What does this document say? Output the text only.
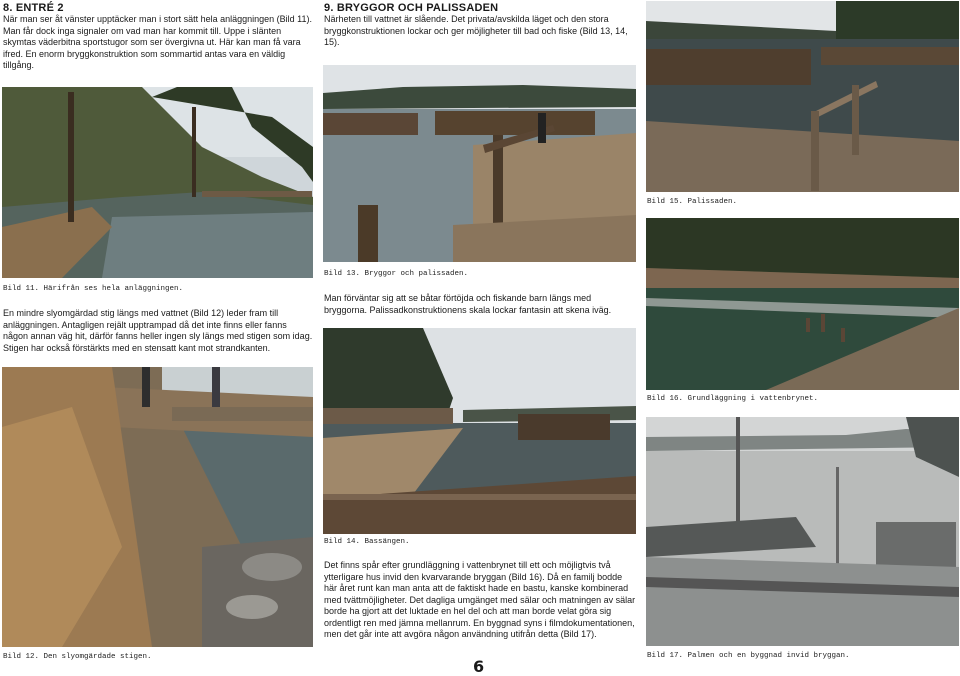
8. ENTRÉ 2

När man ser åt vänster upptäcker man i stort sätt hela anläggningen (Bild 11). Man får dock inga signaler om vad man har kommit till. Uppe i slänten skymtas väderbitna sportstugor som ser övergivna ut. Här kan man få vara ifred. En enorm bryggkonstruktion som sommartid antas vara en väldig tillgång.

Bild 11. Härifrån ses hela anläggningen.

En mindre slyomgärdad stig längs med vattnet (Bild 12) leder fram till anläggningen. Antagligen rejält upptrampad då det inte finns eller fanns någon annan väg hit, därför fanns heller ingen sly längs med stigen som idag. Stigen har också förstärkts med en stensatt kant mot strandkanten.

Bild 12. Den slyomgärdade stigen.
9. BRYGGOR OCH PALISSADEN

Närheten till vattnet är slående. Det privata/avskilda läget och den stora bryggkonstruktionen lockar och ger möjligheter till bad och fiske (Bild 13, 14, 15).

Bild 13. Bryggor och palissaden.

Man förväntar sig att se båtar förtöjda och fiskande barn längs med bryggorna. Palissadkonstruktionens skala lockar fantasin att skena iväg.

Bild 14. Bassängen.

Det finns spår efter grundläggning i vattenbrynet till ett och möjligtvis två ytterligare hus invid den kvarvarande bryggan (Bild 16). Då en familj bodde här året runt kan man anta att de faktiskt hade en bastu, kanske kombinerad med tvättmöjligheter. Det dagliga umgänget med sälar och matningen av sälar borde ha gjort att det luktade en hel del och att man borde velat göra sig ordentligt ren med jämna mellanrum. En byggnad syns i filmdokumentationen, men det går inte att avgöra någon användning utifrån detta (Bild 17).

6
Bild 15. Palissaden.
Bild 16. Grundläggning i vattenbrynet.
Bild 17. Palmen och en byggnad invid bryggan.
